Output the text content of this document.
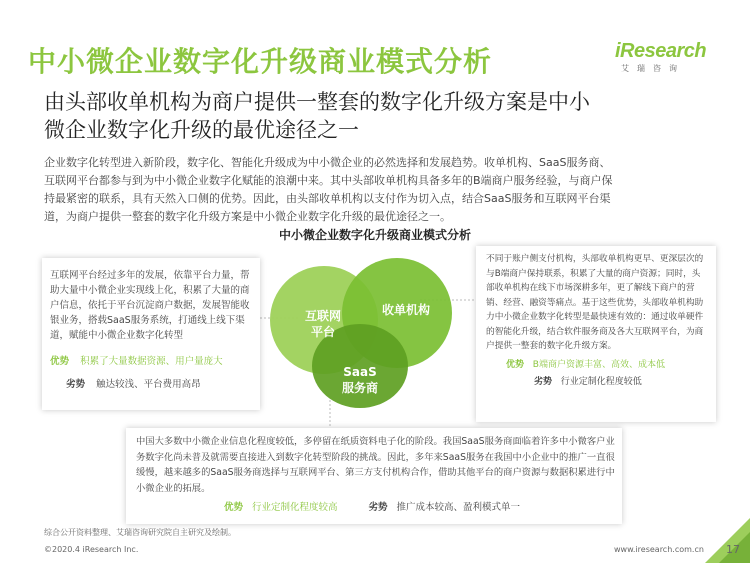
中小微企业数字化升级商业模式分析	iResearch
艾瑞咨询
由头部收单机构为商户提供一整套的数字化升级方案是中小
微企业数字化升级的最优途径之一
企业数字化转型进入新阶段，数字化、智能化升级成为中小微企业的必然选择和发展趋势。收单机构、SaaS服务商、
互联网平台都参与到为中小微企业数字化赋能的浪潮中来。其中头部收单机构具备多年的B端商户服务经验，与商户保
持最紧密的联系，具有天然入口侧的优势。因此，由头部收单机构以支付作为切入点，结合SaaS服务和互联网平台渠
道，为商户提供一整套的数字化升级方案是中小微企业数字化升级的最优途径之一。
中小微企业数字化升级商业模式分析
互联网平台经过多年的发展，依靠平台力量，帮助大量中小微企业实现线上化，积累了大量的商户信息，依托于平台沉淀商户数据，发展智能收银业务，搭载SaaS服务系统，打通线上线下渠道，赋能中小微企业数字化转型
优势 积累了大量数据资源、用户量庞大
劣势 触达较浅、平台费用高昂
不同于账户侧支付机构，头部收单机构更早、更深层次的与B端商户保持联系，积累了大量的商户资源；同时，头部收单机构在线下市场深耕多年，更了解线下商户的营销、经营、融资等痛点。基于这些优势，头部收单机构助力中小微企业数字化转型是最快速有效的：通过收单硬件的智能化升级，结合软件服务商及各大互联网平台，为商户提供一整套的数字化升级方案。
优势 B端商户资源丰富、高效、成本低
劣势 行业定制化程度较低
中国大多数中小微企业信息化程度较低，多停留在纸质资料电子化的阶段。我国SaaS服务商面临着许多中小微客户业务数字化尚未普及就需要直接进入到数字化转型阶段的挑战。因此，多年来SaaS服务在我国中小企业中的推广一直很缓慢，越来越多的SaaS服务商选择与互联网平台、第三方支付机构合作，借助其他平台的商户资源与数据积累进行中小微企业的拓展。
优势 行业定制化程度较高	劣势 推广成本较高、盈利模式单一
互联网
平台
收单机构
SaaS
服务商
综合公开资料整理、艾瑞咨询研究院自主研究及绘制。
©2020.4 iResearch Inc.	www.iresearch.com.cn 17
